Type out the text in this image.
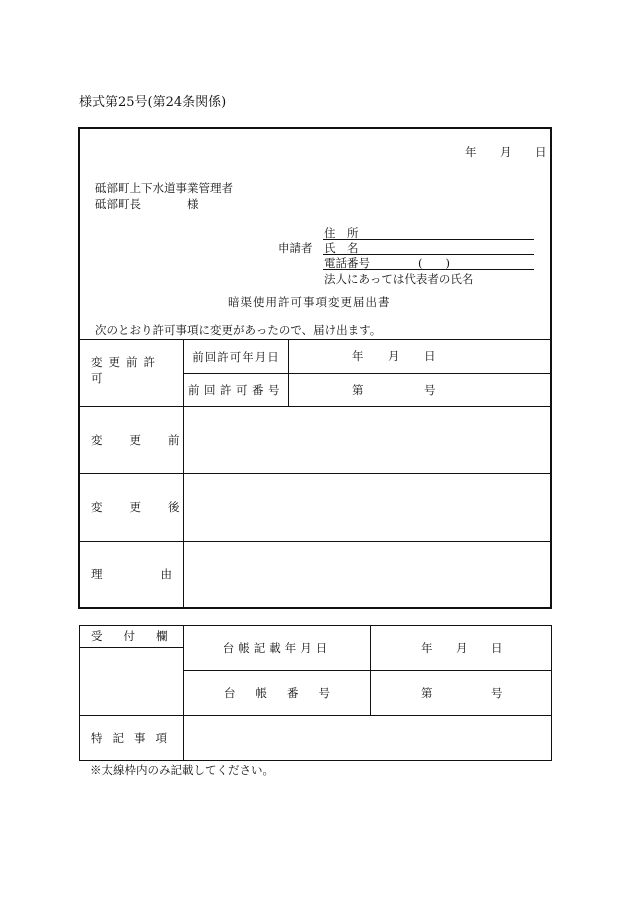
様式第25号(第24条関係)
年 月 日
砥部町上下水道事業管理者
砥部町長	様
申請者
住　所
氏　名
電話番号	(　　)
法人にあっては代表者の氏名
暗渠使用許可事項変更届出書
次のとおり許可事項に変更があったので、届け出ます。
変更前許可
前回許可年月日	年 月 日
前回許可番号	第	号
変更前
変更後
理由
受付欄
台帳記載年月日	年 月 日
台帳番号	第	号
特記事項
※太線枠内のみ記載してください。
